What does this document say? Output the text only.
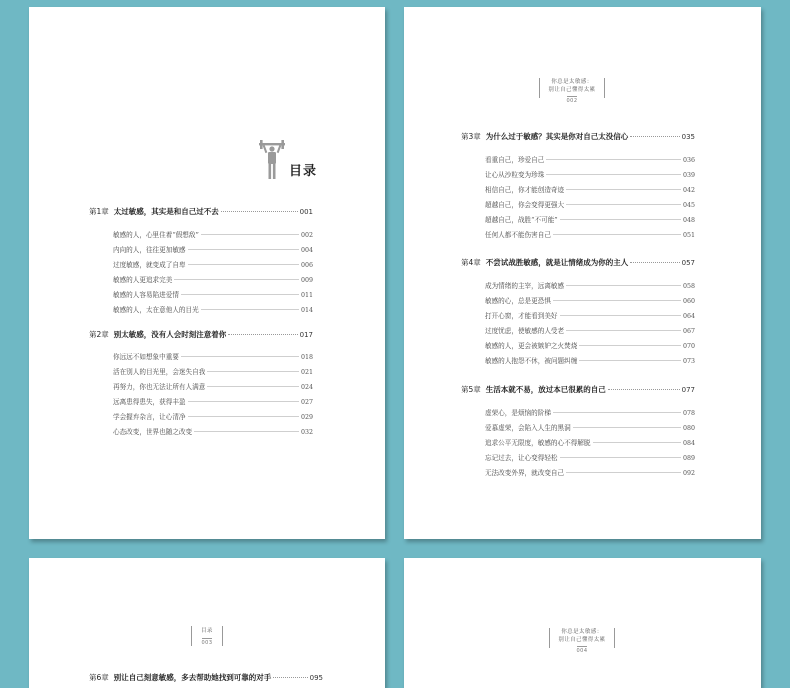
目录
第1章 太过敏感，其实是和自己过不去	001
敏感的人，心里住着“假想敌”	002
内向的人，往往更加敏感	004
过度敏感，就变成了自卑	006
敏感的人更追求完美	009
敏感的人容易陷进爱情	011
敏感的人，太在意他人的目光	014
第2章 别太敏感，没有人会时刻注意着你	017
你远远不如想象中重要	018
活在别人的目光里，会迷失自我	021
再努力，你也无法让所有人满意	024
远离患得患失，获得丰盈	027
学会握弃杂言，让心清净	029
心态改变，世界也随之改变	032
你总是太敏感：
别让自己懂得太累
002
第3章 为什么过于敏感？其实是你对自己太没信心	035
看重自己，珍爱自己	036
让心从沙粒变为珍珠	039
相信自己，你才能创造奇迹	042
超越自己，你会变得更强大	045
超越自己，战胜“不可能”	048
任何人都不能伤害自己	051
第4章 不尝试战胜敏感，就是让情绪成为你的主人	057
成为情绪的主宰，远离敏感	058
敏感的心，总是更恐惧	060
打开心窗，才能看到美好	064
过度忧虑，使敏感的人受老	067
敏感的人，更会被嫉妒之火焚烧	070
敏感的人抱怨不休，被问题纠缠	073
第5章 生活本就不易，放过本已很累的自己	077
虚荣心，是烦恼的阶梯	078
爱慕虚荣，会陷入人生的黑洞	080
追求公平无限度，敏感的心不得解脱	084
忘记过去，让心变得轻松	089
无法改变外界，就改变自己	092
目录
003
第6章 别让自己刻意敏感，多去帮助她找到可靠的对手	095
你总是太敏感：
别让自己懂得太累
004
